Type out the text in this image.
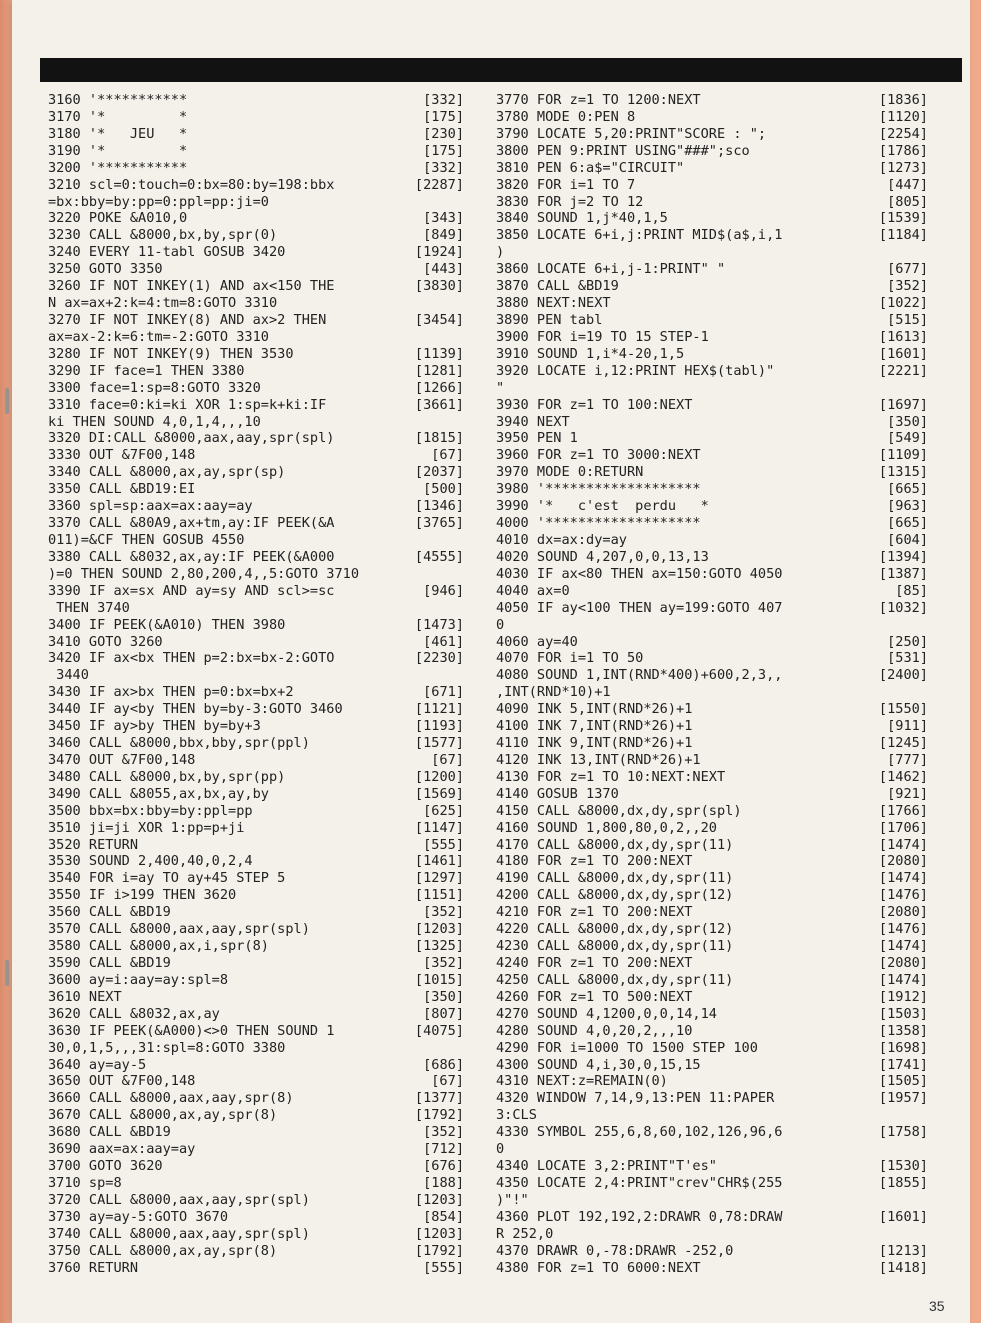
3160 '***********	[332]
3170 '*         *	[175]
3180 '*   JEU   *	[230]
3190 '*         *	[175]
3200 '***********	[332]
3210 scl=0:touch=0:bx=80:by=198:bbx	[2287]
=bx:bby=by:pp=0:ppl=pp:ji=0
3220 POKE &A010,0	[343]
3230 CALL &8000,bx,by,spr(0)	[849]
3240 EVERY 11-tabl GOSUB 3420	[1924]
3250 GOTO 3350	[443]
3260 IF NOT INKEY(1) AND ax<150 THE	[3830]
N ax=ax+2:k=4:tm=8:GOTO 3310
3270 IF NOT INKEY(8) AND ax>2 THEN	[3454]
ax=ax-2:k=6:tm=-2:GOTO 3310
3280 IF NOT INKEY(9) THEN 3530	[1139]
3290 IF face=1 THEN 3380	[1281]
3300 face=1:sp=8:GOTO 3320	[1266]
3310 face=0:ki=ki XOR 1:sp=k+ki:IF	[3661]
ki THEN SOUND 4,0,1,4,,,10
3320 DI:CALL &8000,aax,aay,spr(spl)	[1815]
3330 OUT &7F00,148	[67]
3340 CALL &8000,ax,ay,spr(sp)	[2037]
3350 CALL &BD19:EI	[500]
3360 spl=sp:aax=ax:aay=ay	[1346]
3370 CALL &80A9,ax+tm,ay:IF PEEK(&A	[3765]
011)=&CF THEN GOSUB 4550
3380 CALL &8032,ax,ay:IF PEEK(&A000	[4555]
)=0 THEN SOUND 2,80,200,4,,5:GOTO 3710
3390 IF ax=sx AND ay=sy AND scl>=sc	[946]
THEN 3740
3400 IF PEEK(&A010) THEN 3980	[1473]
3410 GOTO 3260	[461]
3420 IF ax<bx THEN p=2:bx=bx-2:GOTO	[2230]
3440
3430 IF ax>bx THEN p=0:bx=bx+2	[671]
3440 IF ay<by THEN by=by-3:GOTO 3460	[1121]
3450 IF ay>by THEN by=by+3	[1193]
3460 CALL &8000,bbx,bby,spr(ppl)	[1577]
3470 OUT &7F00,148	[67]
3480 CALL &8000,bx,by,spr(pp)	[1200]
3490 CALL &8055,ax,bx,ay,by	[1569]
3500 bbx=bx:bby=by:ppl=pp	[625]
3510 ji=ji XOR 1:pp=p+ji	[1147]
3520 RETURN	[555]
3530 SOUND 2,400,40,0,2,4	[1461]
3540 FOR i=ay TO ay+45 STEP 5	[1297]
3550 IF i>199 THEN 3620	[1151]
3560 CALL &BD19	[352]
3570 CALL &8000,aax,aay,spr(spl)	[1203]
3580 CALL &8000,ax,i,spr(8)	[1325]
3590 CALL &BD19	[352]
3600 ay=i:aay=ay:spl=8	[1015]
3610 NEXT	[350]
3620 CALL &8032,ax,ay	[807]
3630 IF PEEK(&A000)<>0 THEN SOUND 1	[4075]
30,0,1,5,,,31:spl=8:GOTO 3380
3640 ay=ay-5	[686]
3650 OUT &7F00,148	[67]
3660 CALL &8000,aax,aay,spr(8)	[1377]
3670 CALL &8000,ax,ay,spr(8)	[1792]
3680 CALL &BD19	[352]
3690 aax=ax:aay=ay	[712]
3700 GOTO 3620	[676]
3710 sp=8	[188]
3720 CALL &8000,aax,aay,spr(spl)	[1203]
3730 ay=ay-5:GOTO 3670	[854]
3740 CALL &8000,aax,aay,spr(spl)	[1203]
3750 CALL &8000,ax,ay,spr(8)	[1792]
3760 RETURN	[555]
3770 FOR z=1 TO 1200:NEXT	[1836]
3780 MODE 0:PEN 8	[1120]
3790 LOCATE 5,20:PRINT"SCORE : ";	[2254]
3800 PEN 9:PRINT USING"###";sco	[1786]
3810 PEN 6:a$="CIRCUIT"	[1273]
3820 FOR i=1 TO 7	[447]
3830 FOR j=2 TO 12	[805]
3840 SOUND 1,j*40,1,5	[1539]
3850 LOCATE 6+i,j:PRINT MID$(a$,i,1	[1184]
)
3860 LOCATE 6+i,j-1:PRINT" "	[677]
3870 CALL &BD19	[352]
3880 NEXT:NEXT	[1022]
3890 PEN tabl	[515]
3900 FOR i=19 TO 15 STEP-1	[1613]
3910 SOUND 1,i*4-20,1,5	[1601]
3920 LOCATE i,12:PRINT HEX$(tabl)"	[2221]
"
3930 FOR z=1 TO 100:NEXT	[1697]
3940 NEXT	[350]
3950 PEN 1	[549]
3960 FOR z=1 TO 3000:NEXT	[1109]
3970 MODE 0:RETURN	[1315]
3980 '*******************	[665]
3990 '*   c'est  perdu   *	[963]
4000 '*******************	[665]
4010 dx=ax:dy=ay	[604]
4020 SOUND 4,207,0,0,13,13	[1394]
4030 IF ax<80 THEN ax=150:GOTO 4050	[1387]
4040 ax=0	[85]
4050 IF ay<100 THEN ay=199:GOTO 407	[1032]
0
4060 ay=40	[250]
4070 FOR i=1 TO 50	[531]
4080 SOUND 1,INT(RND*400)+600,2,3,,	[2400]
,INT(RND*10)+1
4090 INK 5,INT(RND*26)+1	[1550]
4100 INK 7,INT(RND*26)+1	[911]
4110 INK 9,INT(RND*26)+1	[1245]
4120 INK 13,INT(RND*26)+1	[777]
4130 FOR z=1 TO 10:NEXT:NEXT	[1462]
4140 GOSUB 1370	[921]
4150 CALL &8000,dx,dy,spr(spl)	[1766]
4160 SOUND 1,800,80,0,2,,20	[1706]
4170 CALL &8000,dx,dy,spr(11)	[1474]
4180 FOR z=1 TO 200:NEXT	[2080]
4190 CALL &8000,dx,dy,spr(11)	[1474]
4200 CALL &8000,dx,dy,spr(12)	[1476]
4210 FOR z=1 TO 200:NEXT	[2080]
4220 CALL &8000,dx,dy,spr(12)	[1476]
4230 CALL &8000,dx,dy,spr(11)	[1474]
4240 FOR z=1 TO 200:NEXT	[2080]
4250 CALL &8000,dx,dy,spr(11)	[1474]
4260 FOR z=1 TO 500:NEXT	[1912]
4270 SOUND 4,1200,0,0,14,14	[1503]
4280 SOUND 4,0,20,2,,,10	[1358]
4290 FOR i=1000 TO 1500 STEP 100	[1698]
4300 SOUND 4,i,30,0,15,15	[1741]
4310 NEXT:z=REMAIN(0)	[1505]
4320 WINDOW 7,14,9,13:PEN 11:PAPER	[1957]
3:CLS
4330 SYMBOL 255,6,8,60,102,126,96,6	[1758]
0
4340 LOCATE 3,2:PRINT"T'es"	[1530]
4350 LOCATE 2,4:PRINT"crev"CHR$(255	[1855]
)"!"
4360 PLOT 192,192,2:DRAWR 0,78:DRAW	[1601]
R 252,0
4370 DRAWR 0,-78:DRAWR -252,0	[1213]
4380 FOR z=1 TO 6000:NEXT	[1418]
35
